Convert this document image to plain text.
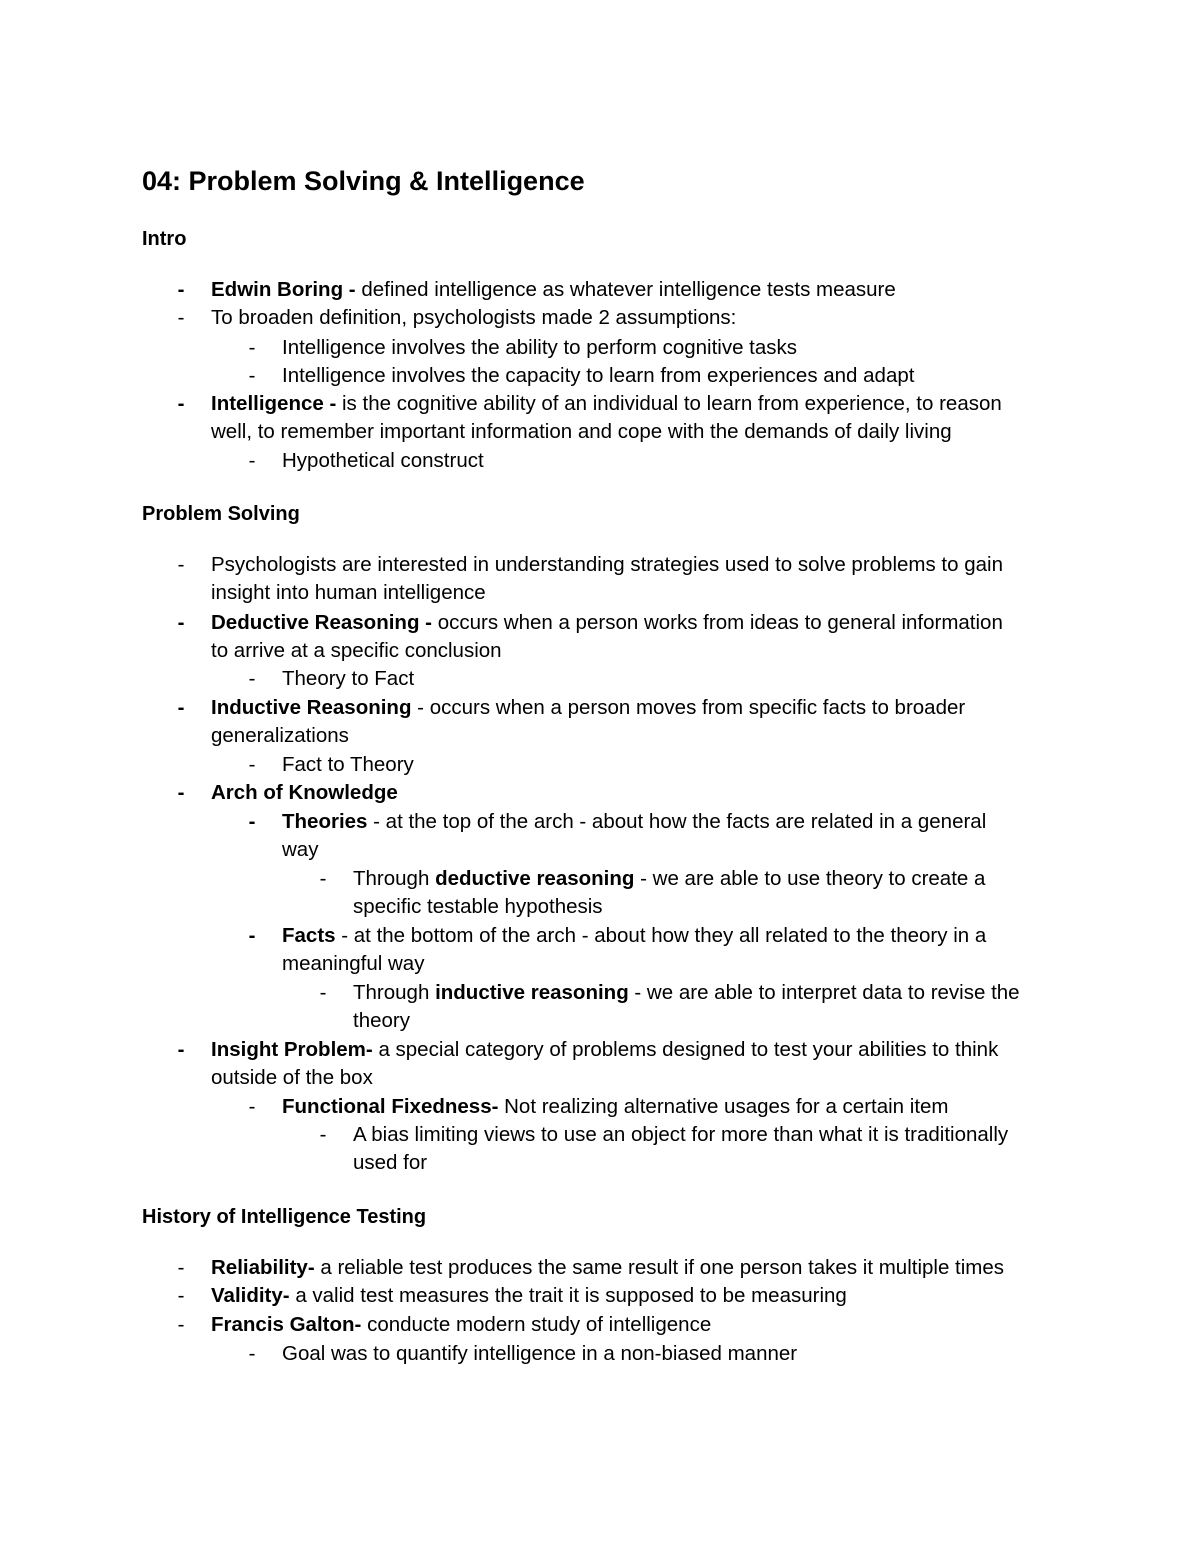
04: Problem Solving & Intelligence
Intro
- Edwin Boring - defined intelligence as whatever intelligence tests measure
- To broaden definition, psychologists made 2 assumptions:
- Intelligence involves the ability to perform cognitive tasks
- Intelligence involves the capacity to learn from experiences and adapt
- Intelligence - is the cognitive ability of an individual to learn from experience, to reason
well, to remember important information and cope with the demands of daily living
- Hypothetical construct
Problem Solving
- Psychologists are interested in understanding strategies used to solve problems to gain
insight into human intelligence
- Deductive Reasoning - occurs when a person works from ideas to general information
to arrive at a specific conclusion
- Theory to Fact
- Inductive Reasoning - occurs when a person moves from specific facts to broader
generalizations
- Fact to Theory
- Arch of Knowledge
- Theories - at the top of the arch - about how the facts are related in a general
way
- Through deductive reasoning - we are able to use theory to create a
specific testable hypothesis
- Facts - at the bottom of the arch - about how they all related to the theory in a
meaningful way
- Through inductive reasoning - we are able to interpret data to revise the
theory
- Insight Problem- a special category of problems designed to test your abilities to think
outside of the box
- Functional Fixedness- Not realizing alternative usages for a certain item
- A bias limiting views to use an object for more than what it is traditionally
used for
History of Intelligence Testing
- Reliability- a reliable test produces the same result if one person takes it multiple times
- Validity- a valid test measures the trait it is supposed to be measuring
- Francis Galton- conducte modern study of intelligence
- Goal was to quantify intelligence in a non-biased manner
